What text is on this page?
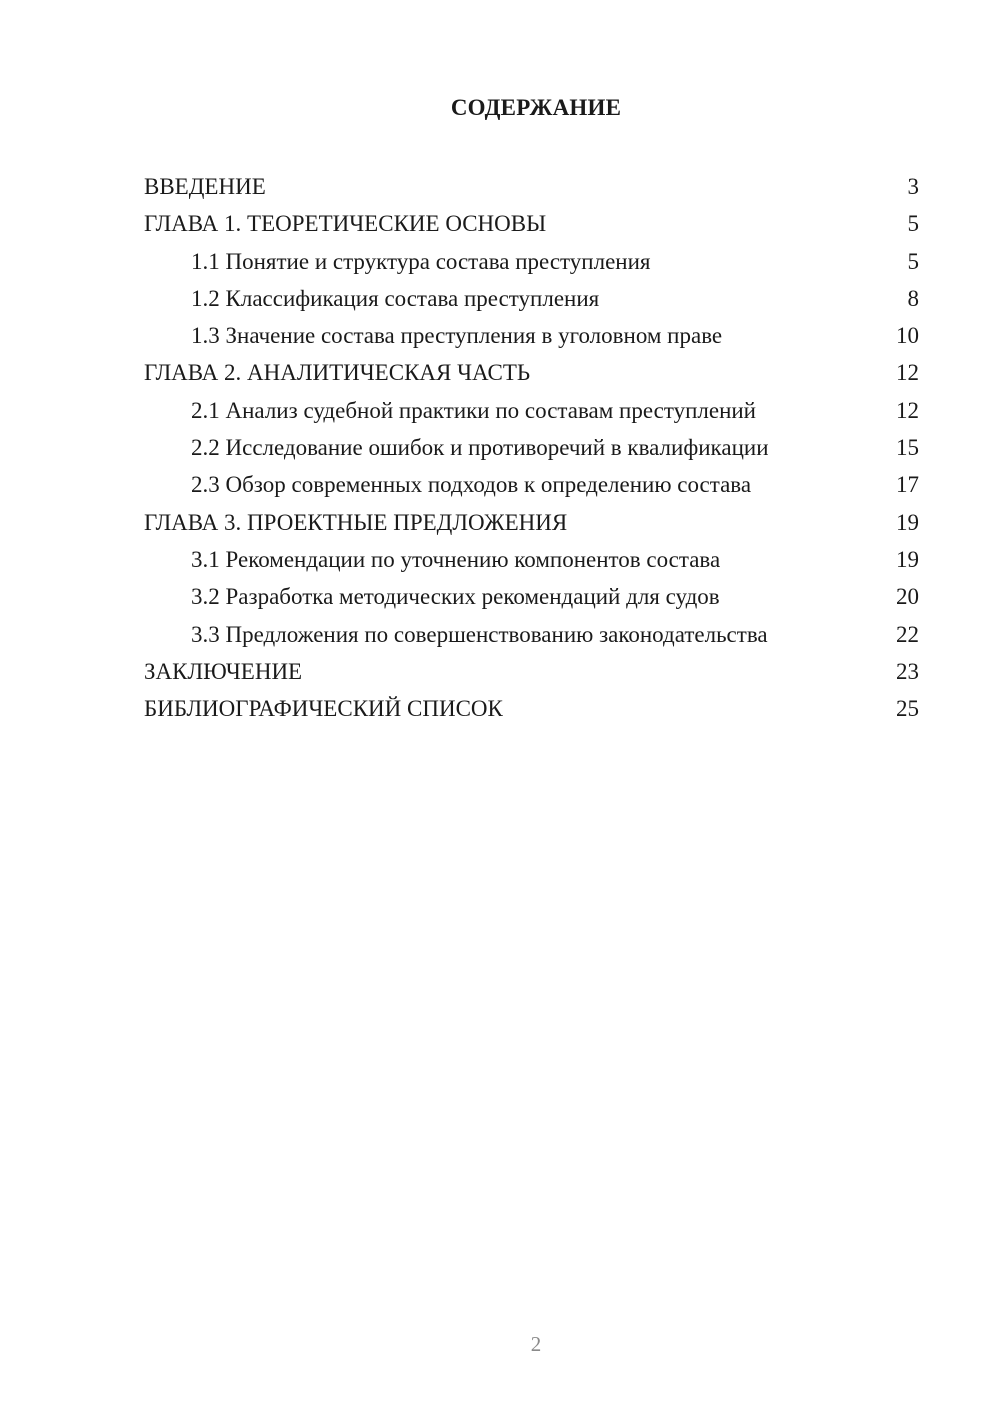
СОДЕРЖАНИЕ
ВВЕДЕНИЕ	3
ГЛАВА 1. ТЕОРЕТИЧЕСКИЕ ОСНОВЫ	5
1.1 Понятие и структура состава преступления	5
1.2 Классификация состава преступления	8
1.3 Значение состава преступления в уголовном праве	10
ГЛАВА 2. АНАЛИТИЧЕСКАЯ ЧАСТЬ	12
2.1 Анализ судебной практики по составам преступлений	12
2.2 Исследование ошибок и противоречий в квалификации	15
2.3 Обзор современных подходов к определению состава	17
ГЛАВА 3. ПРОЕКТНЫЕ ПРЕДЛОЖЕНИЯ	19
3.1 Рекомендации по уточнению компонентов состава	19
3.2 Разработка методических рекомендаций для судов	20
3.3 Предложения по совершенствованию законодательства	22
ЗАКЛЮЧЕНИЕ	23
БИБЛИОГРАФИЧЕСКИЙ СПИСОК	25
2
